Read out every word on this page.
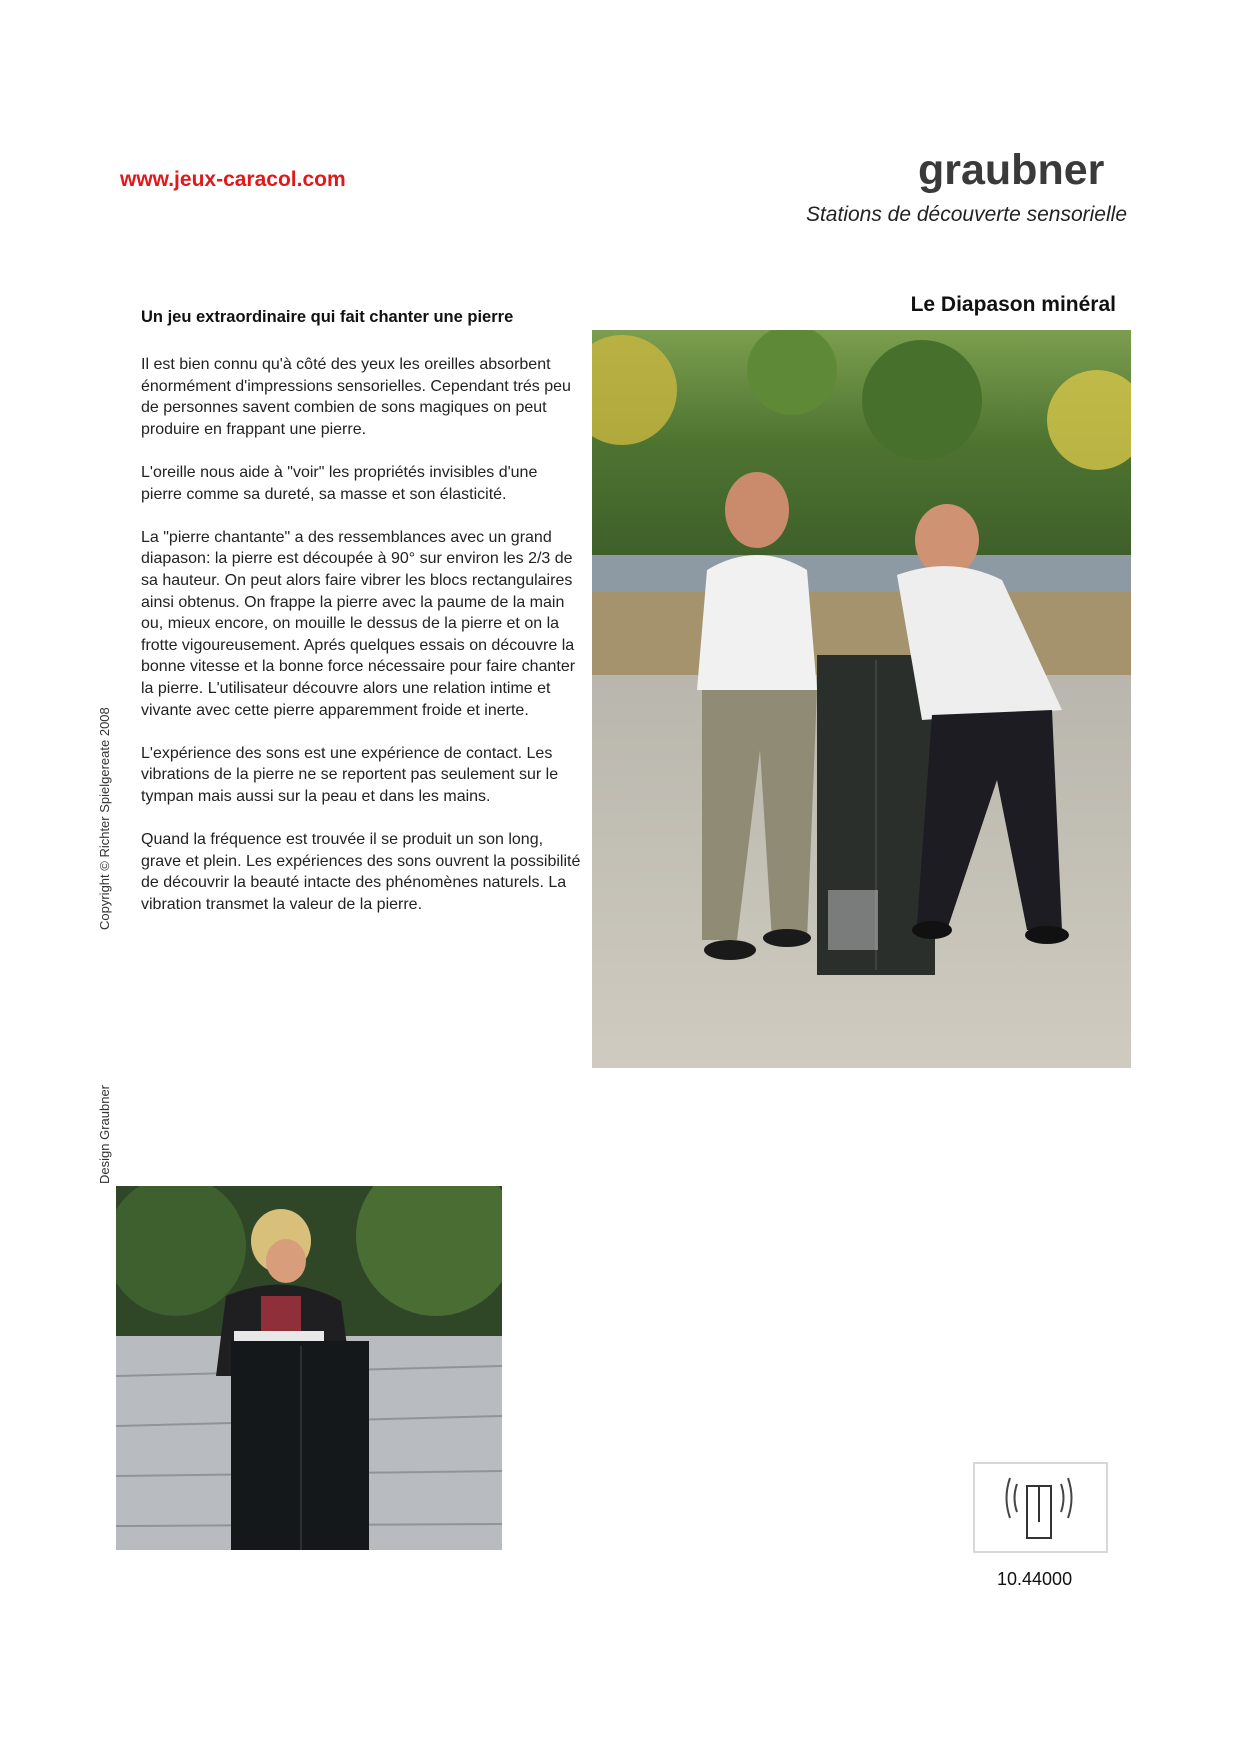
www.jeux-caracol.com	graubner
Stations de découverte sensorielle
Le Diapason minéral
Un jeu extraordinaire qui fait chanter une pierre

Il est bien connu qu'à côté des yeux les oreilles absorbent énormément d'impressions sensorielles. Cependant trés peu de personnes savent combien de sons magiques on peut produire en frappant une pierre.

L'oreille nous aide à "voir" les propriétés invisibles d'une pierre comme sa dureté, sa masse et son élasticité.

La "pierre chantante" a des ressemblances avec un grand diapason: la pierre est découpée à 90° sur environ les 2/3 de sa hauteur. On peut alors faire vibrer les blocs rectangulaires ainsi obtenus. On frappe la pierre avec la paume de la main ou, mieux encore, on mouille le dessus de la pierre et on la frotte vigoureusement. Aprés quelques essais on découvre la bonne vitesse et la bonne force nécessaire pour faire chanter la pierre. L'utilisateur découvre alors une relation intime et vivante avec cette pierre apparemment froide et inerte.

L'expérience des sons est une expérience de contact. Les vibrations de la pierre ne se reportent pas seulement sur le tympan mais aussi sur la peau et dans les mains.

Quand la fréquence est trouvée il se produit un son long, grave et plein. Les expériences des sons ouvrent la possibilité de découvrir la beauté intacte des phénomènes naturels. La vibration transmet la valeur de la pierre.

Copyright © Richter Spielgereate 2008
Design Graubner
10.44000
